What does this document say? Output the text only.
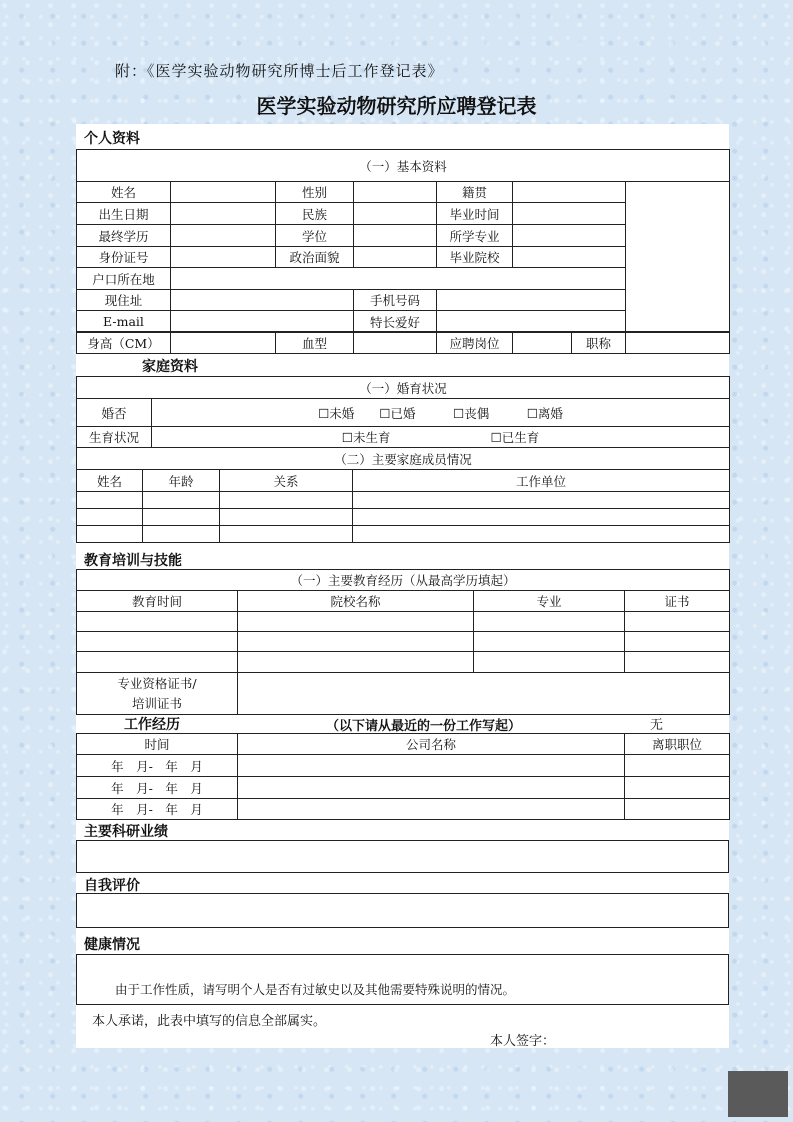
附：《医学实验动物研究所博士后工作登记表》
医学实验动物研究所应聘登记表
个人资料
（一）基本资料						
姓名		性别		籍贯		
出生日期		民族		毕业时间		
最终学历		学位		所学专业		
身份证号		政治面貌		毕业院校		
户口所在地						
现住址			手机号码			
E-mail			特长爱好			
身高（CM）		血型		应聘岗位		职称	
家庭资料
（一）婚育状况	
婚否	☐未婚　　☐已婚　　　☐丧偶　　　☐离婚
生育状况	☐未生育　　　　　　　　☐已生育
（二）主要家庭成员情况	
姓名	年龄	关系	工作单位

教育培训与技能
（一）主要教育经历（从最高学历填起）			
教育时间	院校名称	专业	证书

专业资格证书/
培训证书			

工作经历	（以下请从最近的一份工作写起）	无
时间	公司名称	离职职位
年　月-　年　月		
年　月-　年　月		
年　月-　年　月		
主要科研业绩
自我评价
健康情况
由于工作性质，请写明个人是否有过敏史以及其他需要特殊说明的情况。
本人承诺，此表中填写的信息全部属实。
本人签字：
